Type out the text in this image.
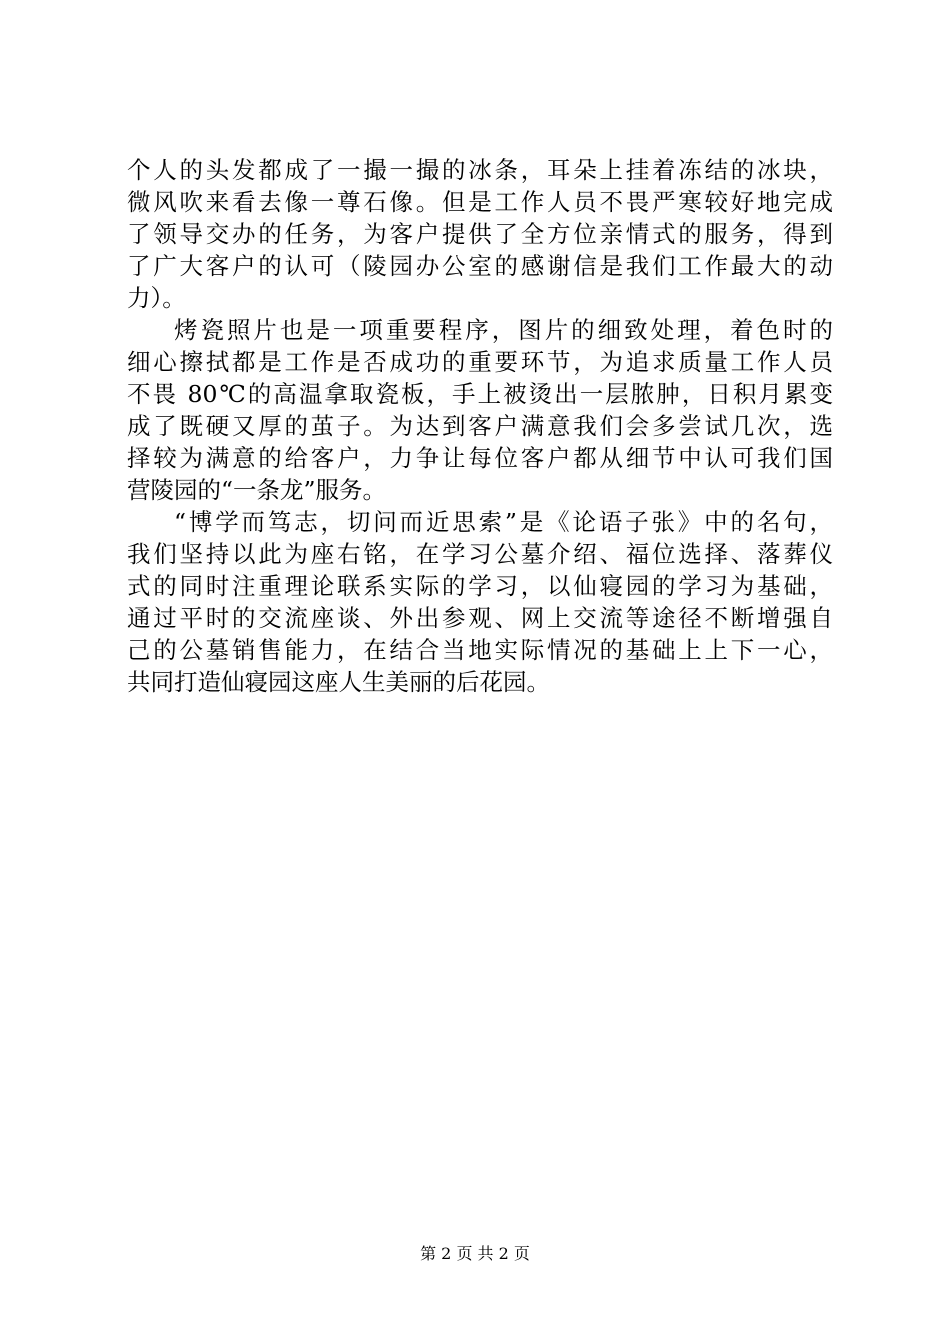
个人的头发都成了一撮一撮的冰条，耳朵上挂着冻结的冰块，
微风吹来看去像一尊石像。但是工作人员不畏严寒较好地完成
了领导交办的任务，为客户提供了全方位亲情式的服务，得到
了广大客户的认可（陵园办公室的感谢信是我们工作最大的动
力）。
烤瓷照片也是一项重要程序，图片的细致处理，着色时的
细心擦拭都是工作是否成功的重要环节，为追求质量工作人员
不畏 80℃的高温拿取瓷板，手上被烫出一层脓肿，日积月累变
成了既硬又厚的茧子。为达到客户满意我们会多尝试几次，选
择较为满意的给客户，力争让每位客户都从细节中认可我们国
营陵园的“一条龙”服务。
“博学而笃志，切问而近思索”是《论语子张》中的名句，
我们坚持以此为座右铭，在学习公墓介绍、福位选择、落葬仪
式的同时注重理论联系实际的学习，以仙寝园的学习为基础，
通过平时的交流座谈、外出参观、网上交流等途径不断增强自
己的公墓销售能力，在结合当地实际情况的基础上上下一心，
共同打造仙寝园这座人生美丽的后花园。
第 2 页 共 2 页
